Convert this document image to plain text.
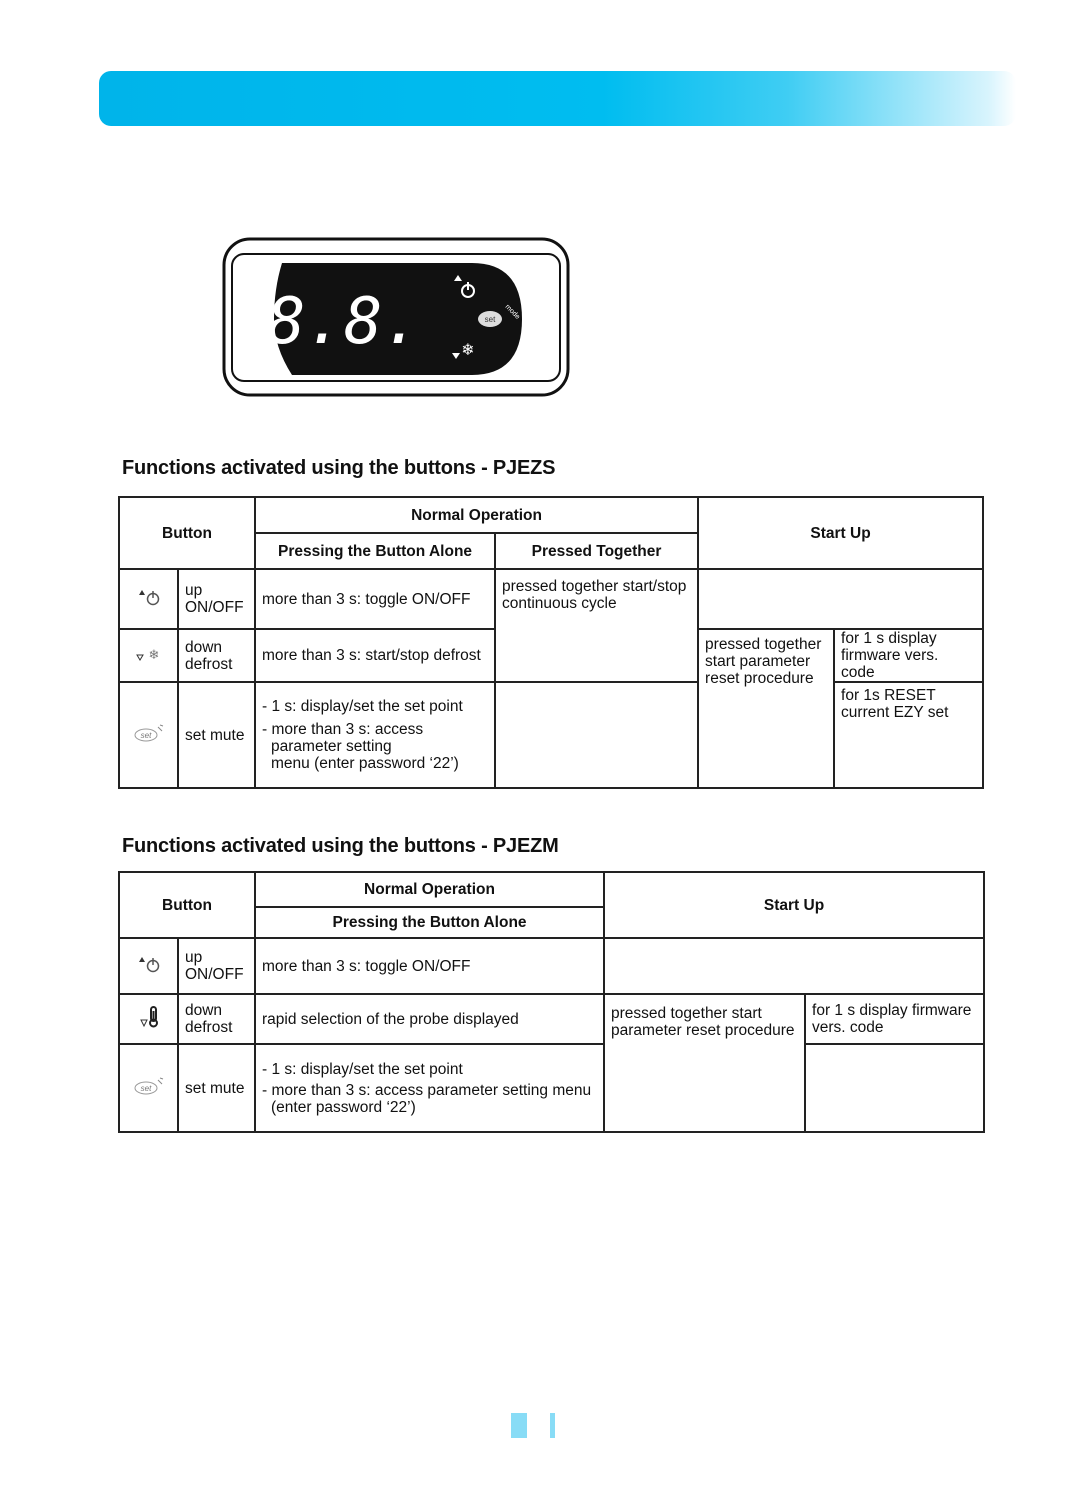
8.8.	set mode
❄
Functions activated using the buttons - PJEZS
Button		Normal Operation		Start Up	
		Pressing the Button Alone	Pressed Together		

up
ON/OFF	more than 3 s: toggle ON/OFF	pressed together start/stop continuous cycle		

❄	down
defrost	more than 3 s: start/stop defrost		pressed together start parameter reset procedure	for 1 s display firmware vers. code

set	set mute	- 1 s: display/set the set point
- more than 3 s: access
parameter setting
menu (enter password ‘22’)			for 1s RESET current EZY set
Functions activated using the buttons - PJEZM
Button		Normal Operation	Start Up	
		Pressing the Button Alone		

up
ON/OFF	more than 3 s: toggle ON/OFF		

down
defrost	rapid selection of the probe displayed	pressed together start parameter reset procedure	for 1 s display firmware vers. code

set	set mute	- 1 s: display/set the set point
- more than 3 s: access parameter setting menu
(enter password ‘22’)		
